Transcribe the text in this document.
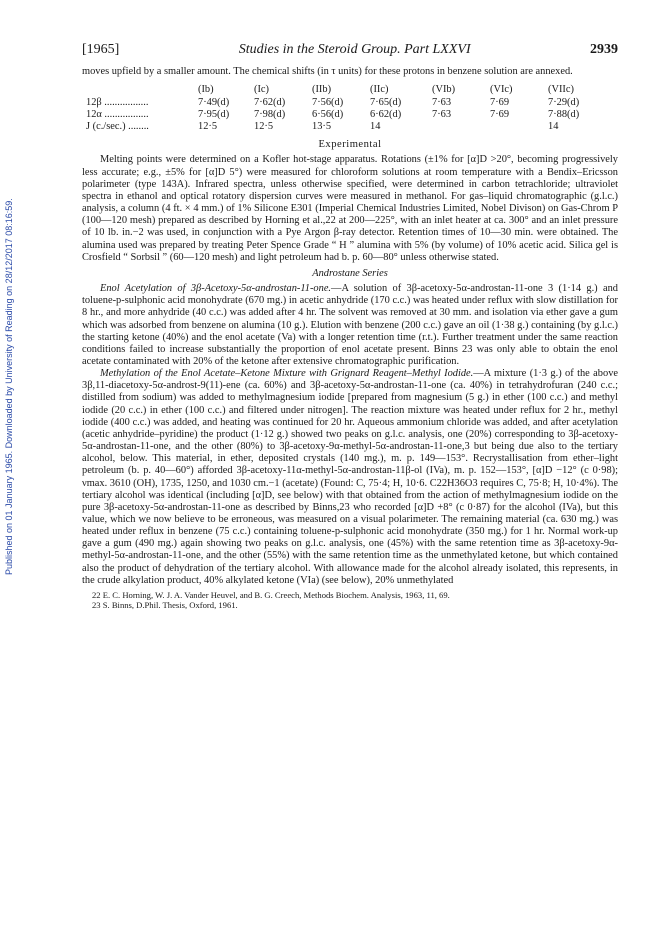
Published on 01 January 1965. Downloaded by University of Reading on 28/12/2017 08:16:59.
[1965]	Studies in the Steroid Group. Part LXXVI	2939

moves upfield by a smaller amount. The chemical shifts (in τ units) for these protons in benzene solution are annexed.

	(Ib)	(Ic)	(IIb)	(IIc)	(VIb)	(VIc)	(VIIc)
12β .................	7·49(d)	7·62(d)	7·56(d)	7·65(d)	7·63	7·69	7·29(d)
12α .................	7·95(d)	7·98(d)	6·56(d)	6·62(d)	7·63	7·69	7·88(d)
J (c./sec.) ........	12·5	12·5	13·5	14			14
Experimental

Melting points were determined on a Kofler hot-stage apparatus. Rotations (±1% for [α]D >20°, becoming progressively less accurate; e.g., ±5% for [α]D 5°) were measured for chloroform solutions at room temperature with a Bendix–Ericsson polarimeter (type 143A). Infrared spectra, unless otherwise specified, were determined in carbon tetrachloride; ultraviolet spectra in ethanol and optical rotatory dispersion curves were measured in methanol. For gas–liquid chromatographic (g.l.c.) analysis, a column (4 ft. × 4 mm.) of 1% Silicone E301 (Imperial Chemical Industries Limited, Nobel Divison) on Gas-Chrom P (100—120 mesh) prepared as described by Horning et al.,22 at 200—225°, with an inlet heater at ca. 300° and an inlet pressure of 10 lb. in.−2 was used, in conjunction with a Pye Argon β-ray detector. Retention times of 10—30 min. were obtained. The alumina used was prepared by treating Peter Spence Grade “ H ” alumina with 5% (by volume) of 10% acetic acid. Silica gel is Crosfield “ Sorbsil ” (60—120 mesh) and light petroleum had b. p. 60—80° unless otherwise stated.

Androstane Series

Enol Acetylation of 3β-Acetoxy-5α-androstan-11-one.—A solution of 3β-acetoxy-5α-androstan-11-one 3 (1·14 g.) and toluene-p-sulphonic acid monohydrate (670 mg.) in acetic anhydride (170 c.c.) was heated under reflux with slow distillation for 8 hr., and more anhydride (40 c.c.) was added after 4 hr. The solvent was removed at 30 mm. and isolation via ether gave a gum which was adsorbed from benzene on alumina (10 g.). Elution with benzene (200 c.c.) gave an oil (1·38 g.) containing (by g.l.c.) the starting ketone (40%) and the enol acetate (Va) with a longer retention time (r.t.). Further treatment under the same reaction conditions failed to increase substantially the proportion of enol acetate present. Binns 23 was only able to obtain the enol acetate contaminated with 20% of the ketone after extensive chromatographic purification.

Methylation of the Enol Acetate–Ketone Mixture with Grignard Reagent–Methyl Iodide.—A mixture (1·3 g.) of the above 3β,11-diacetoxy-5α-androst-9(11)-ene (ca. 60%) and 3β-acetoxy-5α-androstan-11-one (ca. 40%) in tetrahydrofuran (240 c.c.; distilled from sodium) was added to methylmagnesium iodide [prepared from magnesium (5 g.) in ether (100 c.c.) and methyl iodide (20 c.c.) in ether (100 c.c.) and filtered under nitrogen]. The reaction mixture was heated under reflux for 2 hr., methyl iodide (400 c.c.) was added, and heating was continued for 20 hr. Aqueous ammonium chloride was added, and after acetylation (acetic anhydride–pyridine) the product (1·12 g.) showed two peaks on g.l.c. analysis, one (20%) corresponding to 3β-acetoxy-5α-androstan-11-one, and the other (80%) to 3β-acetoxy-9α-methyl-5α-androstan-11-one,3 but being due also to the tertiary alcohol, below. This material, in ether, deposited crystals (140 mg.), m. p. 149—153°. Recrystallisation from ether–light petroleum (b. p. 40—60°) afforded 3β-acetoxy-11α-methyl-5α-androstan-11β-ol (IVa), m. p. 152—153°, [α]D −12° (c 0·98); νmax. 3610 (OH), 1735, 1250, and 1030 cm.−1 (acetate) (Found: C, 75·4; H, 10·6. C22H36O3 requires C, 75·8; H, 10·4%). The tertiary alcohol was identical (including [α]D, see below) with that obtained from the action of methylmagnesium iodide on the pure 3β-acetoxy-5α-androstan-11-one as described by Binns,23 who recorded [α]D +8° (c 0·87) for the alcohol (IVa), but this value, which we now believe to be erroneous, was measured on a visual polarimeter. The remaining material (ca. 630 mg.) was heated under reflux in benzene (75 c.c.) containing toluene-p-sulphonic acid monohydrate (350 mg.) for 1 hr. Normal work-up gave a gum (490 mg.) again showing two peaks on g.l.c. analysis, one (45%) with the same retention time as 3β-acetoxy-9α-methyl-5α-androstan-11-one, and the other (55%) with the same retention time as the unmethylated ketone, but which contained also the product of dehydration of the tertiary alcohol. With allowance made for the alcohol already isolated, this represents, in the crude alkylation product, 40% alkylated ketone (VIa) (see below), 20% unmethylated

22 E. C. Horning, W. J. A. Vander Heuvel, and B. G. Creech, Methods Biochem. Analysis, 1963, 11, 69.
23 S. Binns, D.Phil. Thesis, Oxford, 1961.
